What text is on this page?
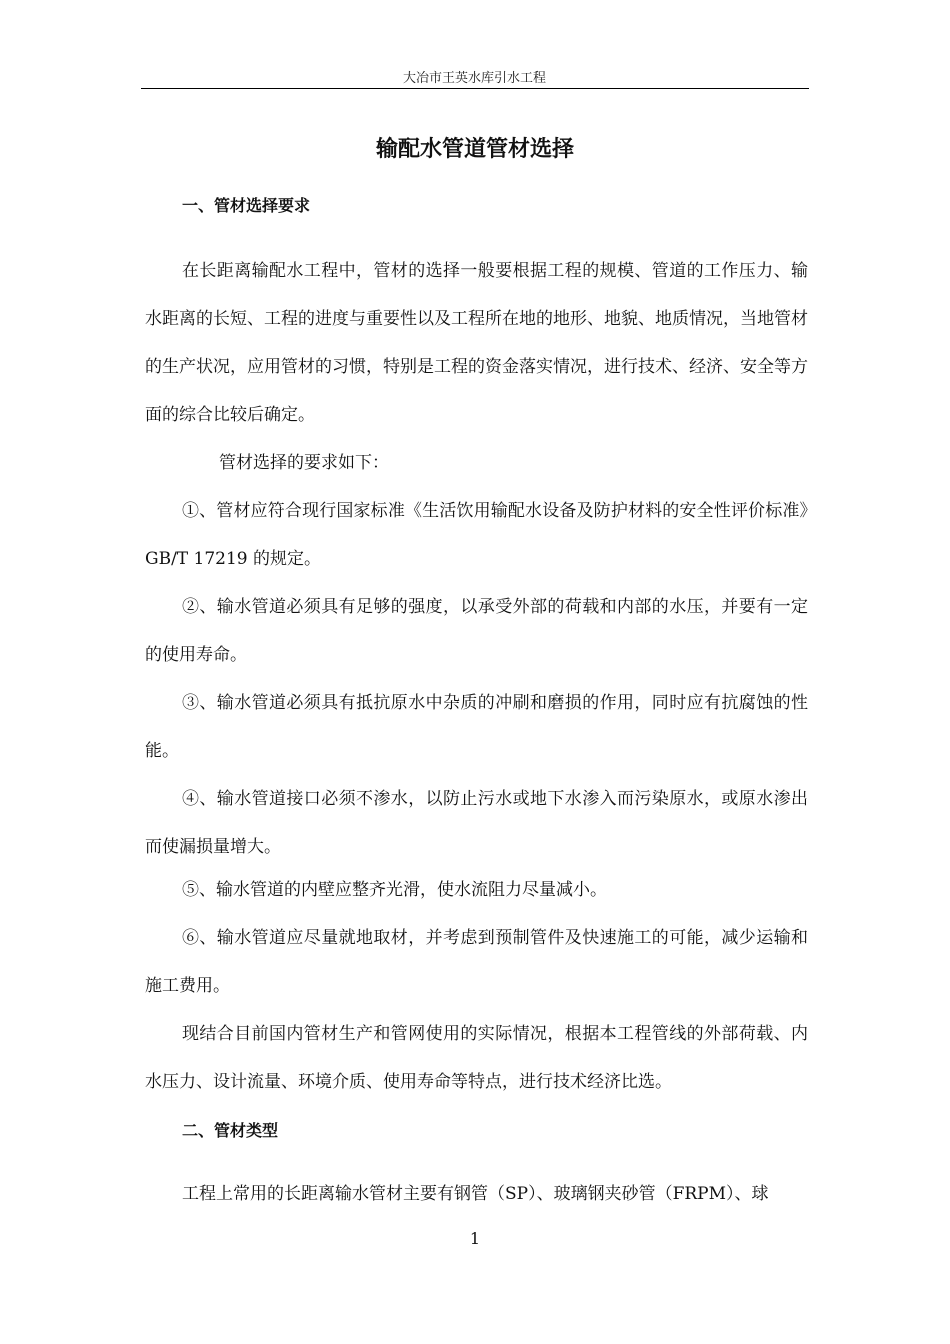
大冶市王英水库引水工程
输配水管道管材选择
一、管材选择要求

在长距离输配水工程中，管材的选择一般要根据工程的规模、管道的工作压力、输水距离的长短、工程的进度与重要性以及工程所在地的地形、地貌、地质情况，当地管材的生产状况，应用管材的习惯，特别是工程的资金落实情况，进行技术、经济、安全等方面的综合比较后确定。

管材选择的要求如下：

①、管材应符合现行国家标准《生活饮用输配水设备及防护材料的安全性评价标准》GB/T 17219 的规定。

②、输水管道必须具有足够的强度，以承受外部的荷载和内部的水压，并要有一定的使用寿命。

③、输水管道必须具有抵抗原水中杂质的冲刷和磨损的作用，同时应有抗腐蚀的性能。

④、输水管道接口必须不渗水，以防止污水或地下水渗入而污染原水，或原水渗出而使漏损量增大。

⑤、输水管道的内壁应整齐光滑，使水流阻力尽量减小。

⑥、输水管道应尽量就地取材，并考虑到预制管件及快速施工的可能，减少运输和施工费用。

现结合目前国内管材生产和管网使用的实际情况，根据本工程管线的外部荷载、内水压力、设计流量、环境介质、使用寿命等特点，进行技术经济比选。

二、管材类型

工程上常用的长距离输水管材主要有钢管（SP）、玻璃钢夹砂管（FRPM）、球

1
